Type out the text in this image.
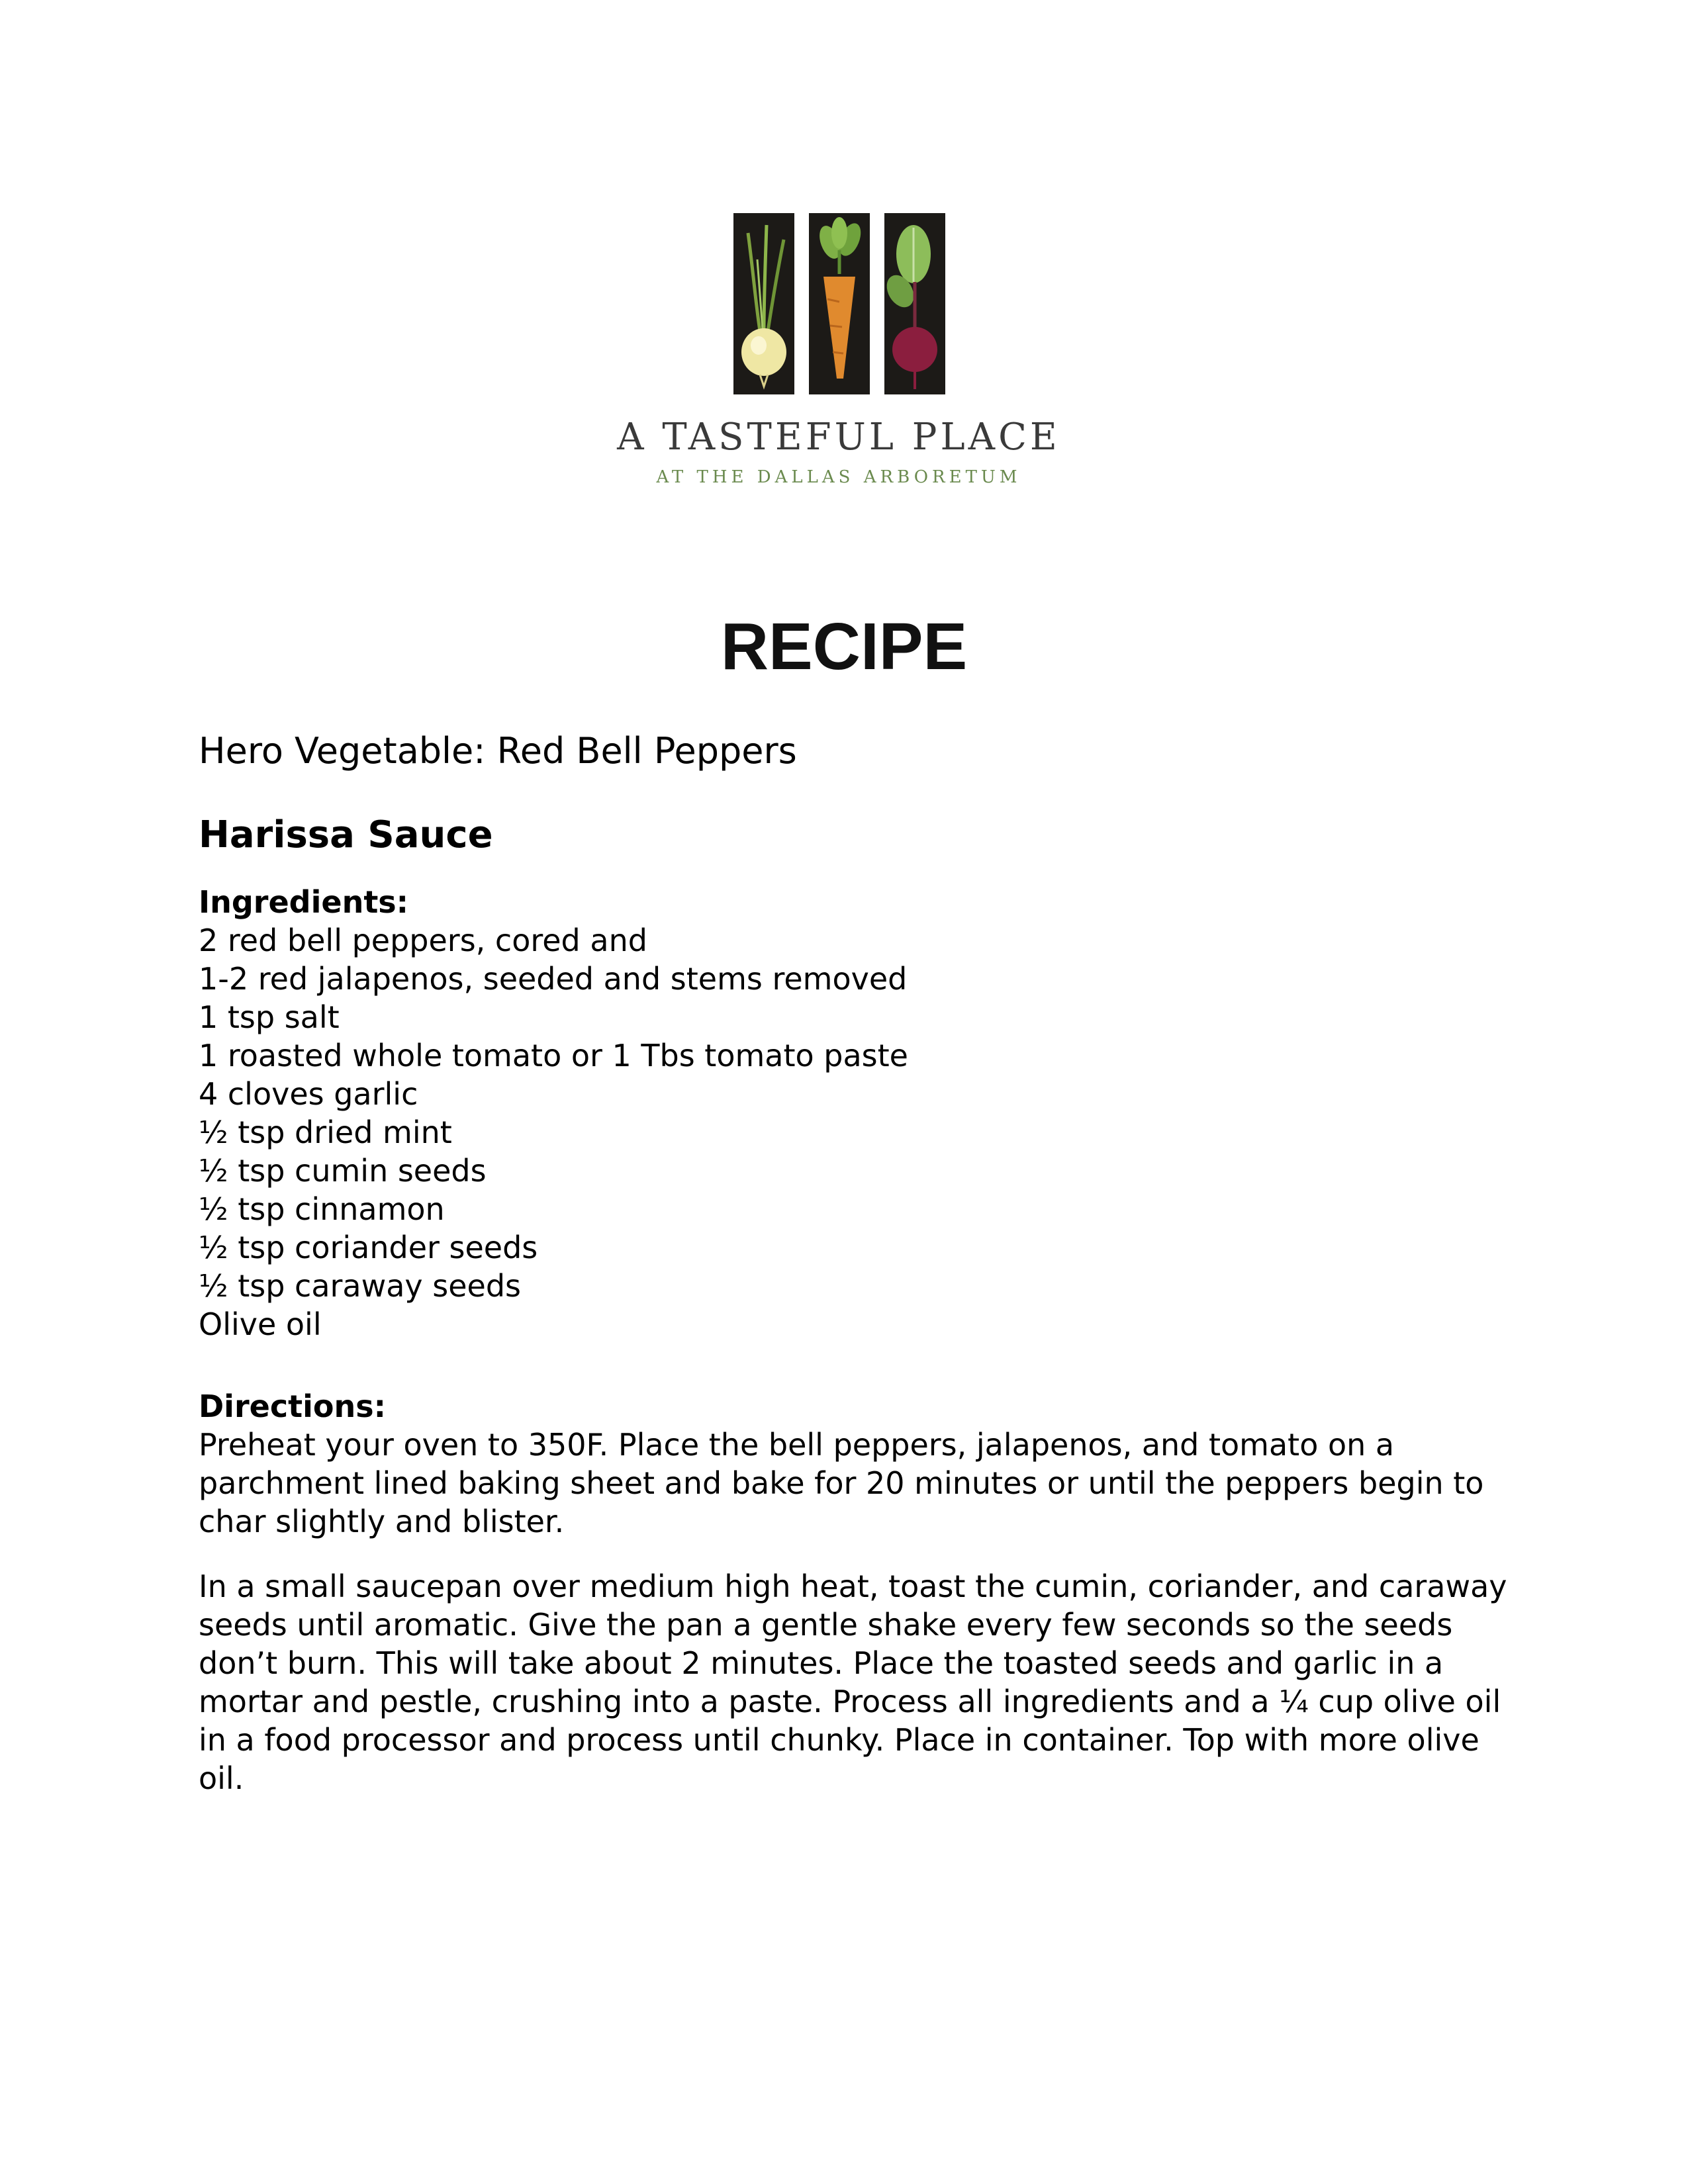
A TASTEFUL PLACE
AT THE DALLAS ARBORETUM
RECIPE

Hero Vegetable: Red Bell Peppers

Harissa Sauce

Ingredients:

2 red bell peppers, cored and
1-2 red jalapenos, seeded and stems removed
1 tsp salt
1 roasted whole tomato or 1 Tbs tomato paste
4 cloves garlic
½ tsp dried mint
½ tsp cumin seeds
½ tsp cinnamon
½ tsp coriander seeds
½ tsp caraway seeds
Olive oil

Directions:

Preheat your oven to 350F. Place the bell peppers, jalapenos, and tomato on a parchment lined baking sheet and bake for 20 minutes or until the peppers begin to char slightly and blister.

In a small saucepan over medium high heat, toast the cumin, coriander, and caraway seeds until aromatic. Give the pan a gentle shake every few seconds so the seeds don’t burn. This will take about 2 minutes. Place the toasted seeds and garlic in a mortar and pestle, crushing into a paste. Process all ingredients and a ¼ cup olive oil in a food processor and process until chunky. Place in container. Top with more olive oil.
